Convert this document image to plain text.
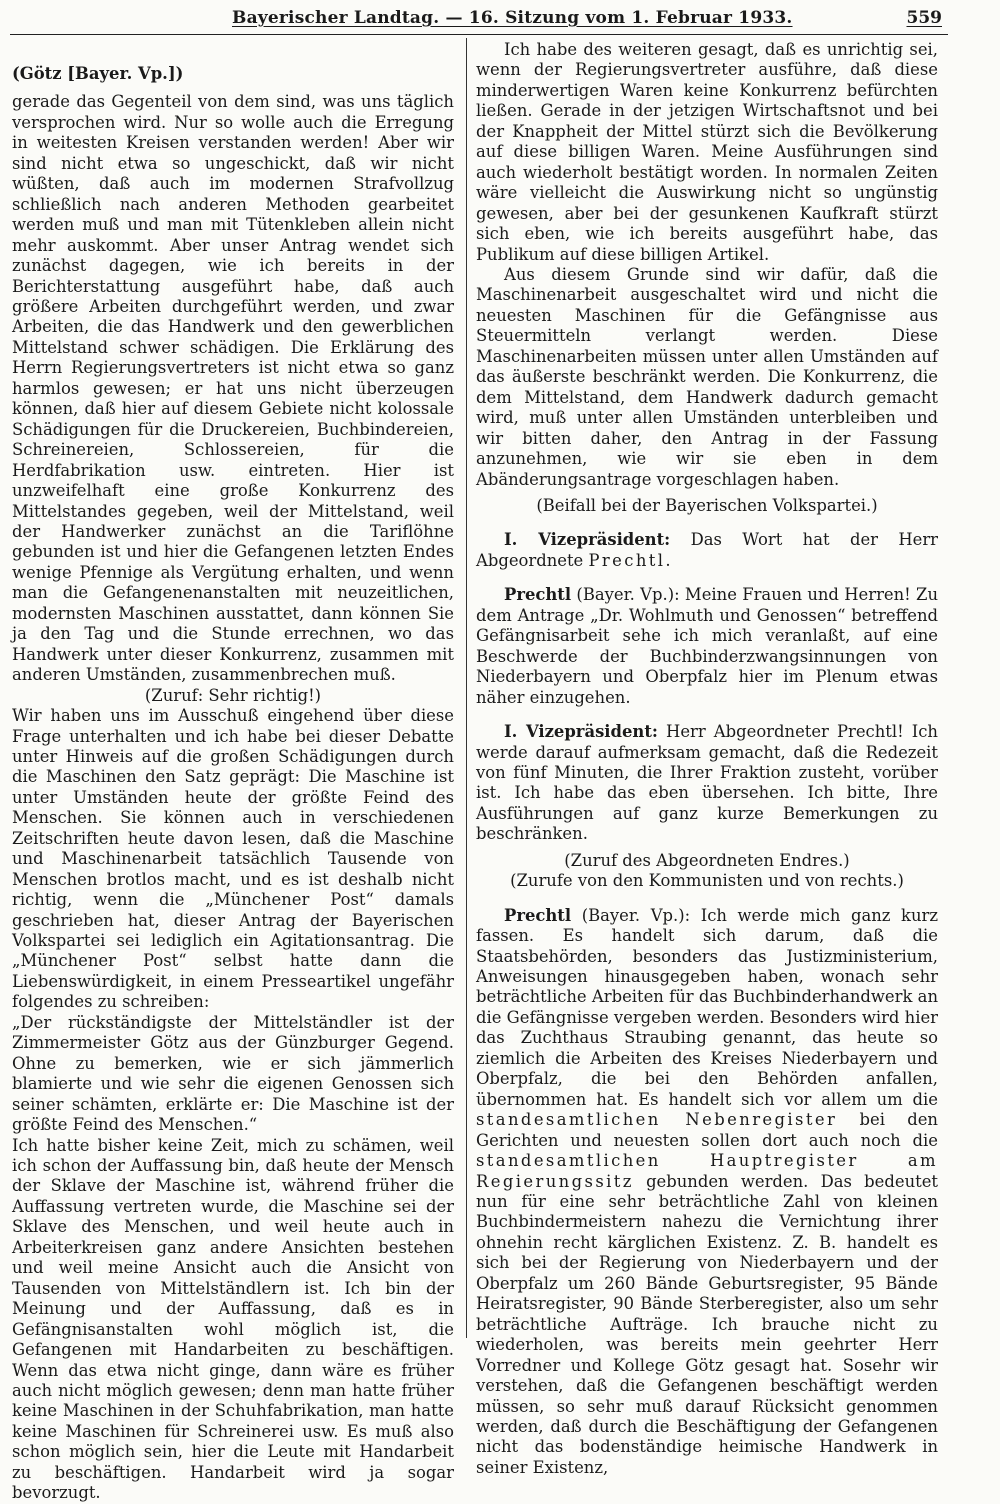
Bayerischer Landtag. — 16. Sitzung vom 1. Februar 1933.	559

(Götz [Bayer. Vp.])

gerade das Gegenteil von dem sind, was uns täglich versprochen wird. Nur so wolle auch die Erregung in weitesten Kreisen verstanden werden! Aber wir sind nicht etwa so ungeschickt, daß wir nicht wüßten, daß auch im modernen Strafvollzug schließlich nach anderen Methoden gearbeitet werden muß und man mit Tütenkleben allein nicht mehr auskommt. Aber unser Antrag wendet sich zunächst dagegen, wie ich bereits in der Berichterstattung ausgeführt habe, daß auch größere Arbeiten durchgeführt werden, und zwar Arbeiten, die das Handwerk und den gewerblichen Mittelstand schwer schädigen. Die Erklärung des Herrn Regierungsvertreters ist nicht etwa so ganz harmlos gewesen; er hat uns nicht überzeugen können, daß hier auf diesem Gebiete nicht kolossale Schädigungen für die Druckereien, Buchbindereien, Schreinereien, Schlossereien, für die Herdfabrikation usw. eintreten. Hier ist unzweifelhaft eine große Konkurrenz des Mittelstandes gegeben, weil der Mittelstand, weil der Handwerker zunächst an die Tariflöhne gebunden ist und hier die Gefangenen letzten Endes wenige Pfennige als Vergütung erhalten, und wenn man die Gefangenenanstalten mit neuzeitlichen, modernsten Maschinen ausstattet, dann können Sie ja den Tag und die Stunde errechnen, wo das Handwerk unter dieser Konkurrenz, zusammen mit anderen Umständen, zusammenbrechen muß.

(Zuruf: Sehr richtig!)

Wir haben uns im Ausschuß eingehend über diese Frage unterhalten und ich habe bei dieser Debatte unter Hinweis auf die großen Schädigungen durch die Maschinen den Satz geprägt: Die Maschine ist unter Umständen heute der größte Feind des Menschen. Sie können auch in verschiedenen Zeitschriften heute davon lesen, daß die Maschine und Maschinenarbeit tatsächlich Tausende von Menschen brotlos macht, und es ist deshalb nicht richtig, wenn die „Münchener Post“ damals geschrieben hat, dieser Antrag der Bayerischen Volkspartei sei lediglich ein Agitationsantrag. Die „Münchener Post“ selbst hatte dann die Liebenswürdigkeit, in einem Presseartikel ungefähr folgendes zu schreiben:

„Der rückständigste der Mittelständler ist der Zimmermeister Götz aus der Günzburger Gegend. Ohne zu bemerken, wie er sich jämmerlich blamierte und wie sehr die eigenen Genossen sich seiner schämten, erklärte er: Die Maschine ist der größte Feind des Menschen.“

Ich hatte bisher keine Zeit, mich zu schämen, weil ich schon der Auffassung bin, daß heute der Mensch der Sklave der Maschine ist, während früher die Auffassung vertreten wurde, die Maschine sei der Sklave des Menschen, und weil heute auch in Arbeiterkreisen ganz andere Ansichten bestehen und weil meine Ansicht auch die Ansicht von Tausenden von Mittelständlern ist. Ich bin der Meinung und der Auffassung, daß es in Gefängnisanstalten wohl möglich ist, die Gefangenen mit Handarbeiten zu beschäftigen. Wenn das etwa nicht ginge, dann wäre es früher auch nicht möglich gewesen; denn man hatte früher keine Maschinen in der Schuhfabrikation, man hatte keine Maschinen für Schreinerei usw. Es muß also schon möglich sein, hier die Leute mit Handarbeit zu beschäftigen. Handarbeit wird ja sogar bevorzugt.

Ich habe des weiteren gesagt, daß es unrichtig sei, wenn der Regierungsvertreter ausführe, daß diese minderwertigen Waren keine Konkurrenz befürchten ließen. Gerade in der jetzigen Wirtschaftsnot und bei der Knappheit der Mittel stürzt sich die Bevölkerung auf diese billigen Waren. Meine Ausführungen sind auch wiederholt bestätigt worden. In normalen Zeiten wäre vielleicht die Auswirkung nicht so ungünstig gewesen, aber bei der gesunkenen Kaufkraft stürzt sich eben, wie ich bereits ausgeführt habe, das Publikum auf diese billigen Artikel.

Aus diesem Grunde sind wir dafür, daß die Maschinenarbeit ausgeschaltet wird und nicht die neuesten Maschinen für die Gefängnisse aus Steuermitteln verlangt werden. Diese Maschinenarbeiten müssen unter allen Umständen auf das äußerste beschränkt werden. Die Konkurrenz, die dem Mittelstand, dem Handwerk dadurch gemacht wird, muß unter allen Umständen unterbleiben und wir bitten daher, den Antrag in der Fassung anzunehmen, wie wir sie eben in dem Abänderungsantrage vorgeschlagen haben.

(Beifall bei der Bayerischen Volkspartei.)

I. Vizepräsident: Das Wort hat der Herr Abgeordnete Prechtl.

Prechtl (Bayer. Vp.): Meine Frauen und Herren! Zu dem Antrage „Dr. Wohlmuth und Genossen“ betreffend Gefängnisarbeit sehe ich mich veranlaßt, auf eine Beschwerde der Buchbinderzwangsinnungen von Niederbayern und Oberpfalz hier im Plenum etwas näher einzugehen.

I. Vizepräsident: Herr Abgeordneter Prechtl! Ich werde darauf aufmerksam gemacht, daß die Redezeit von fünf Minuten, die Ihrer Fraktion zusteht, vorüber ist. Ich habe das eben übersehen. Ich bitte, Ihre Ausführungen auf ganz kurze Bemerkungen zu beschränken.

(Zuruf des Abgeordneten Endres.)

(Zurufe von den Kommunisten und von rechts.)

Prechtl (Bayer. Vp.): Ich werde mich ganz kurz fassen. Es handelt sich darum, daß die Staatsbehörden, besonders das Justizministerium, Anweisungen hinausgegeben haben, wonach sehr beträchtliche Arbeiten für das Buchbinderhandwerk an die Gefängnisse vergeben werden. Besonders wird hier das Zuchthaus Straubing genannt, das heute so ziemlich die Arbeiten des Kreises Niederbayern und Oberpfalz, die bei den Behörden anfallen, übernommen hat. Es handelt sich vor allem um die standesamtlichen Nebenregister bei den Gerichten und neuesten sollen dort auch noch die standesamtlichen Hauptregister am Regierungssitz gebunden werden. Das bedeutet nun für eine sehr beträchtliche Zahl von kleinen Buchbindermeistern nahezu die Vernichtung ihrer ohnehin recht kärglichen Existenz. Z. B. handelt es sich bei der Regierung von Niederbayern und der Oberpfalz um 260 Bände Geburtsregister, 95 Bände Heiratsregister, 90 Bände Sterberegister, also um sehr beträchtliche Aufträge. Ich brauche nicht zu wiederholen, was bereits mein geehrter Herr Vorredner und Kollege Götz gesagt hat. Sosehr wir verstehen, daß die Gefangenen beschäftigt werden müssen, so sehr muß darauf Rücksicht genommen werden, daß durch die Beschäftigung der Gefangenen nicht das bodenständige heimische Handwerk in seiner Existenz,
